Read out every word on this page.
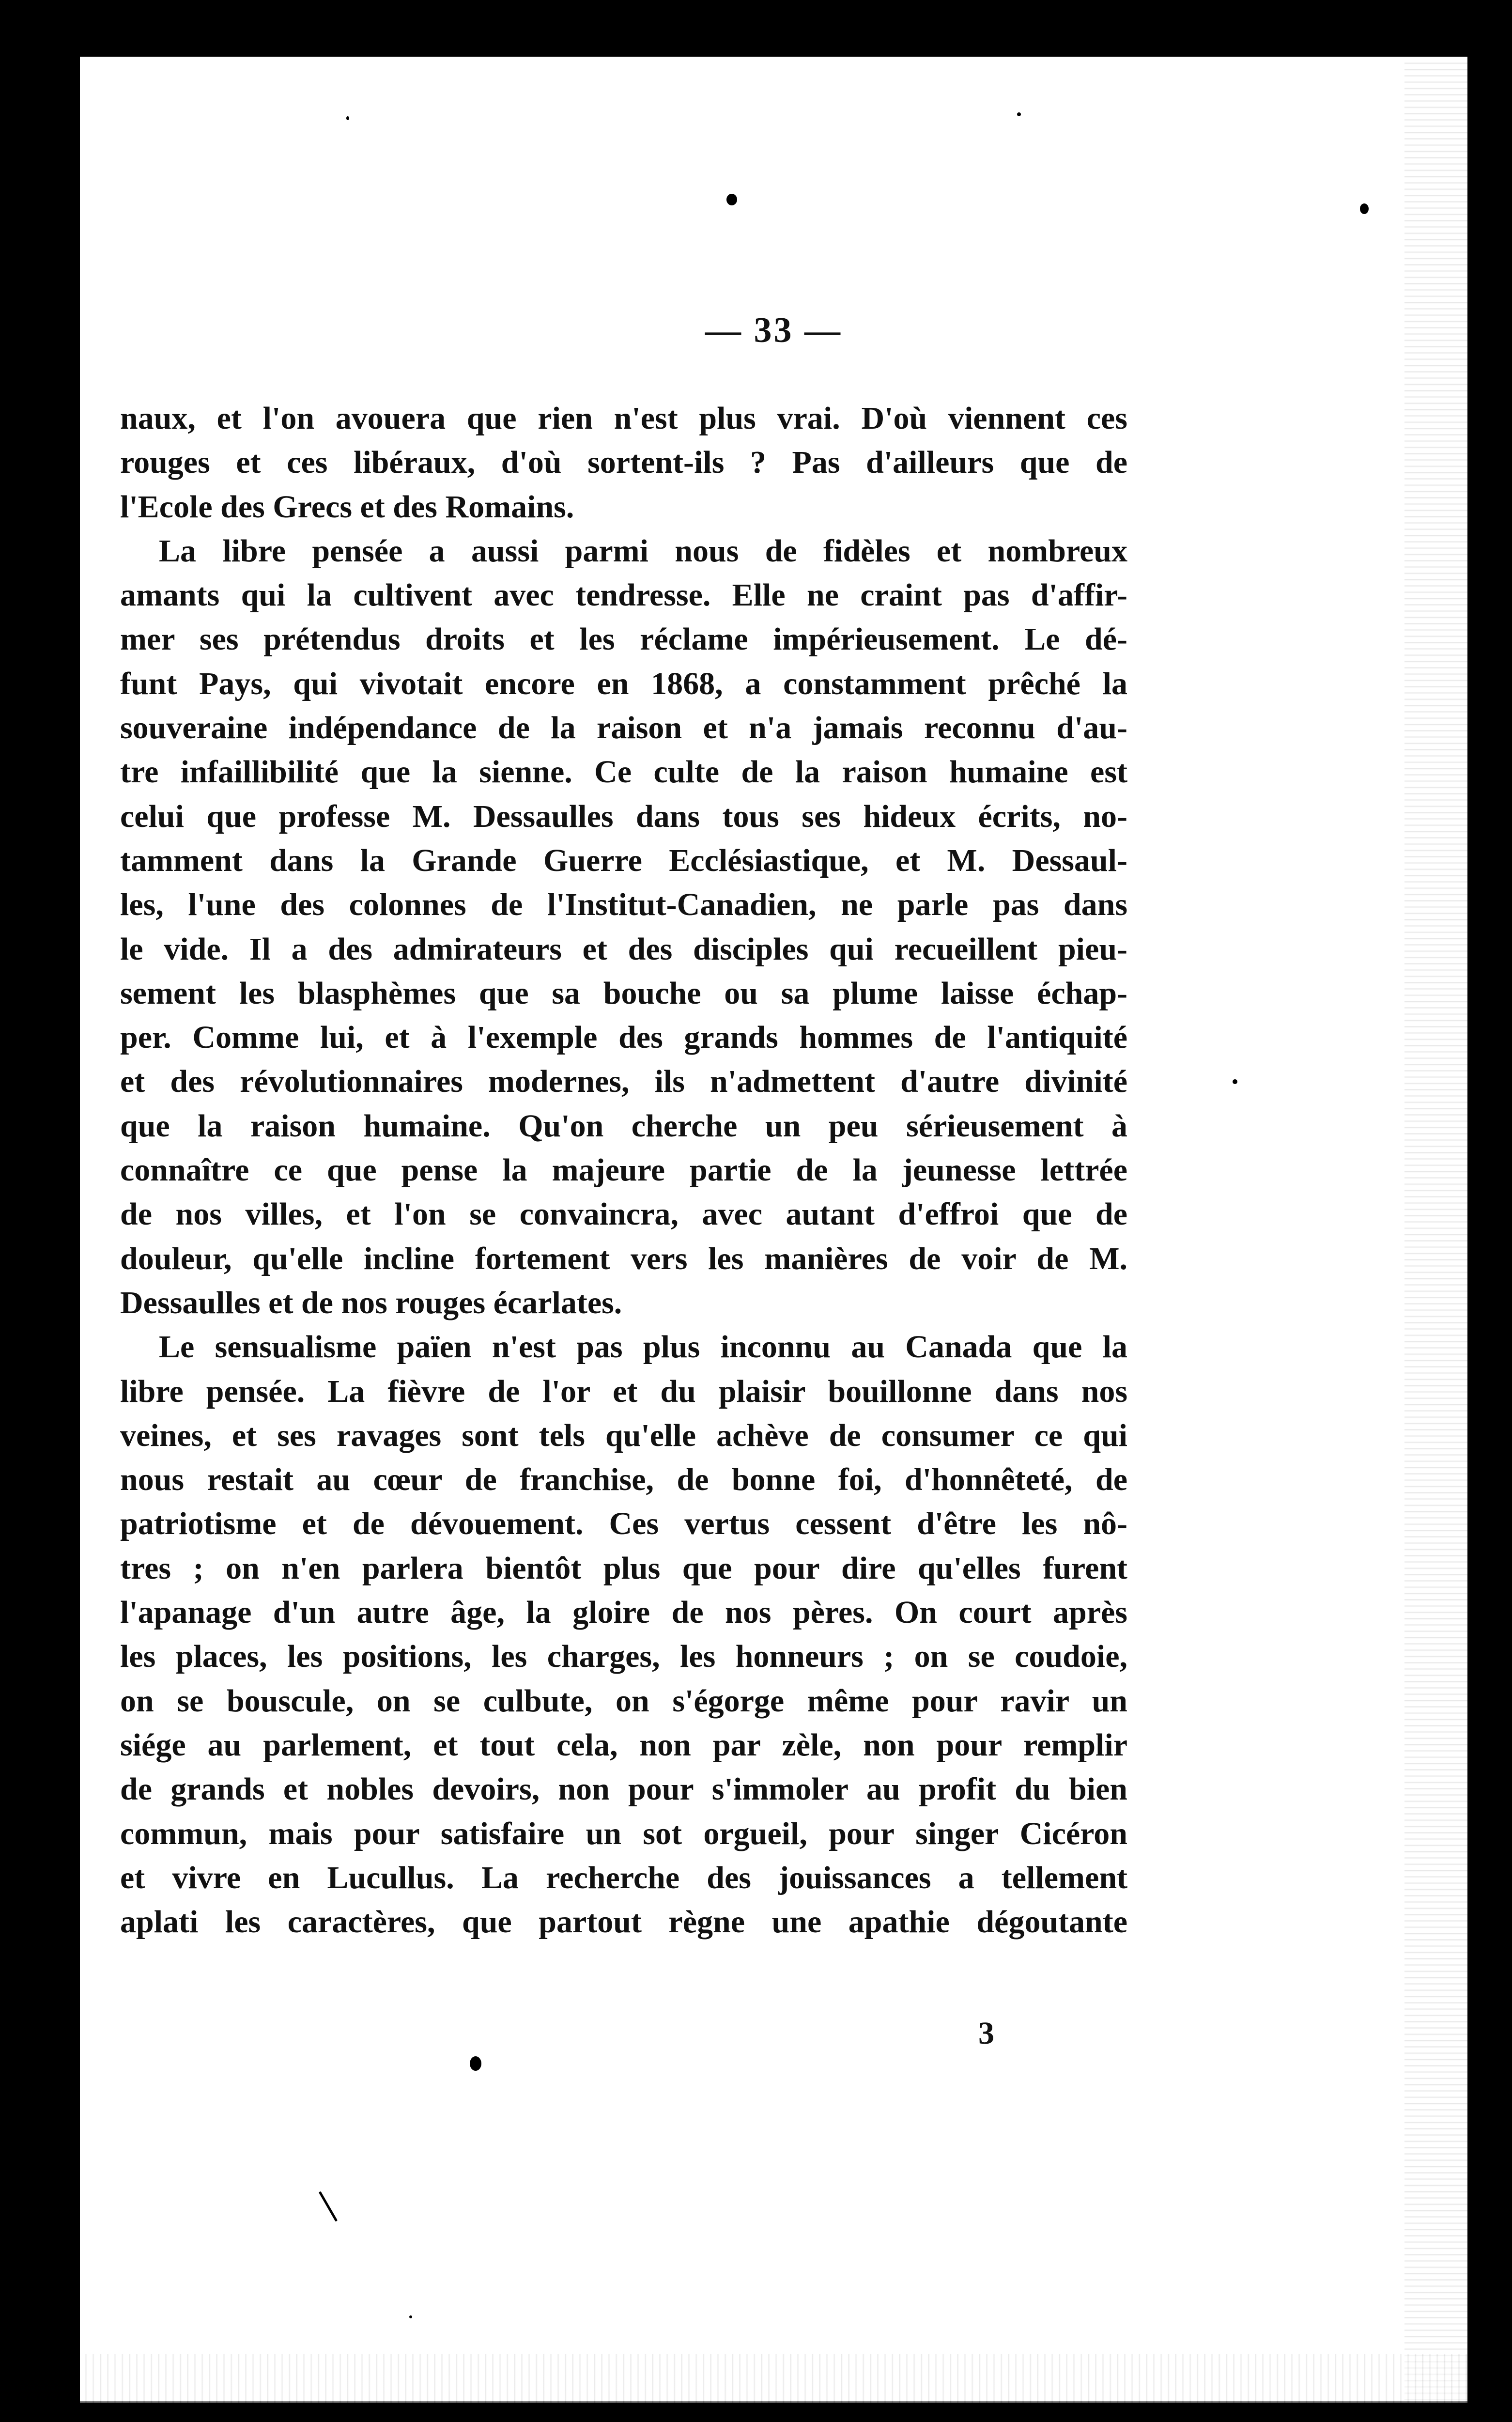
— 33 —
naux, et l'on avouera que rien n'est plus vrai. D'où viennent ces
rouges et ces libéraux, d'où sortent-ils ? Pas d'ailleurs que de
l'Ecole des Grecs et des Romains.
La libre pensée a aussi parmi nous de fidèles et nombreux
amants qui la cultivent avec tendresse. Elle ne craint pas d'affir-
mer ses prétendus droits et les réclame impérieusement. Le dé-
funt Pays, qui vivotait encore en 1868, a constamment prêché la
souveraine indépendance de la raison et n'a jamais reconnu d'au-
tre infaillibilité que la sienne. Ce culte de la raison humaine est
celui que professe M. Dessaulles dans tous ses hideux écrits, no-
tamment dans la Grande Guerre Ecclésiastique, et M. Dessaul-
les, l'une des colonnes de l'Institut-Canadien, ne parle pas dans
le vide. Il a des admirateurs et des disciples qui recueillent pieu-
sement les blasphèmes que sa bouche ou sa plume laisse échap-
per. Comme lui, et à l'exemple des grands hommes de l'antiquité
et des révolutionnaires modernes, ils n'admettent d'autre divinité
que la raison humaine. Qu'on cherche un peu sérieusement à
connaître ce que pense la majeure partie de la jeunesse lettrée
de nos villes, et l'on se convaincra, avec autant d'effroi que de
douleur, qu'elle incline fortement vers les manières de voir de M.
Dessaulles et de nos rouges écarlates.
Le sensualisme païen n'est pas plus inconnu au Canada que la
libre pensée. La fièvre de l'or et du plaisir bouillonne dans nos
veines, et ses ravages sont tels qu'elle achève de consumer ce qui
nous restait au cœur de franchise, de bonne foi, d'honnêteté, de
patriotisme et de dévouement. Ces vertus cessent d'être les nô-
tres ; on n'en parlera bientôt plus que pour dire qu'elles furent
l'apanage d'un autre âge, la gloire de nos pères. On court après
les places, les positions, les charges, les honneurs ; on se coudoie,
on se bouscule, on se culbute, on s'égorge même pour ravir un
siége au parlement, et tout cela, non par zèle, non pour remplir
de grands et nobles devoirs, non pour s'immoler au profit du bien
commun, mais pour satisfaire un sot orgueil, pour singer Cicéron
et vivre en Lucullus. La recherche des jouissances a tellement
aplati les caractères, que partout règne une apathie dégoutante
3
